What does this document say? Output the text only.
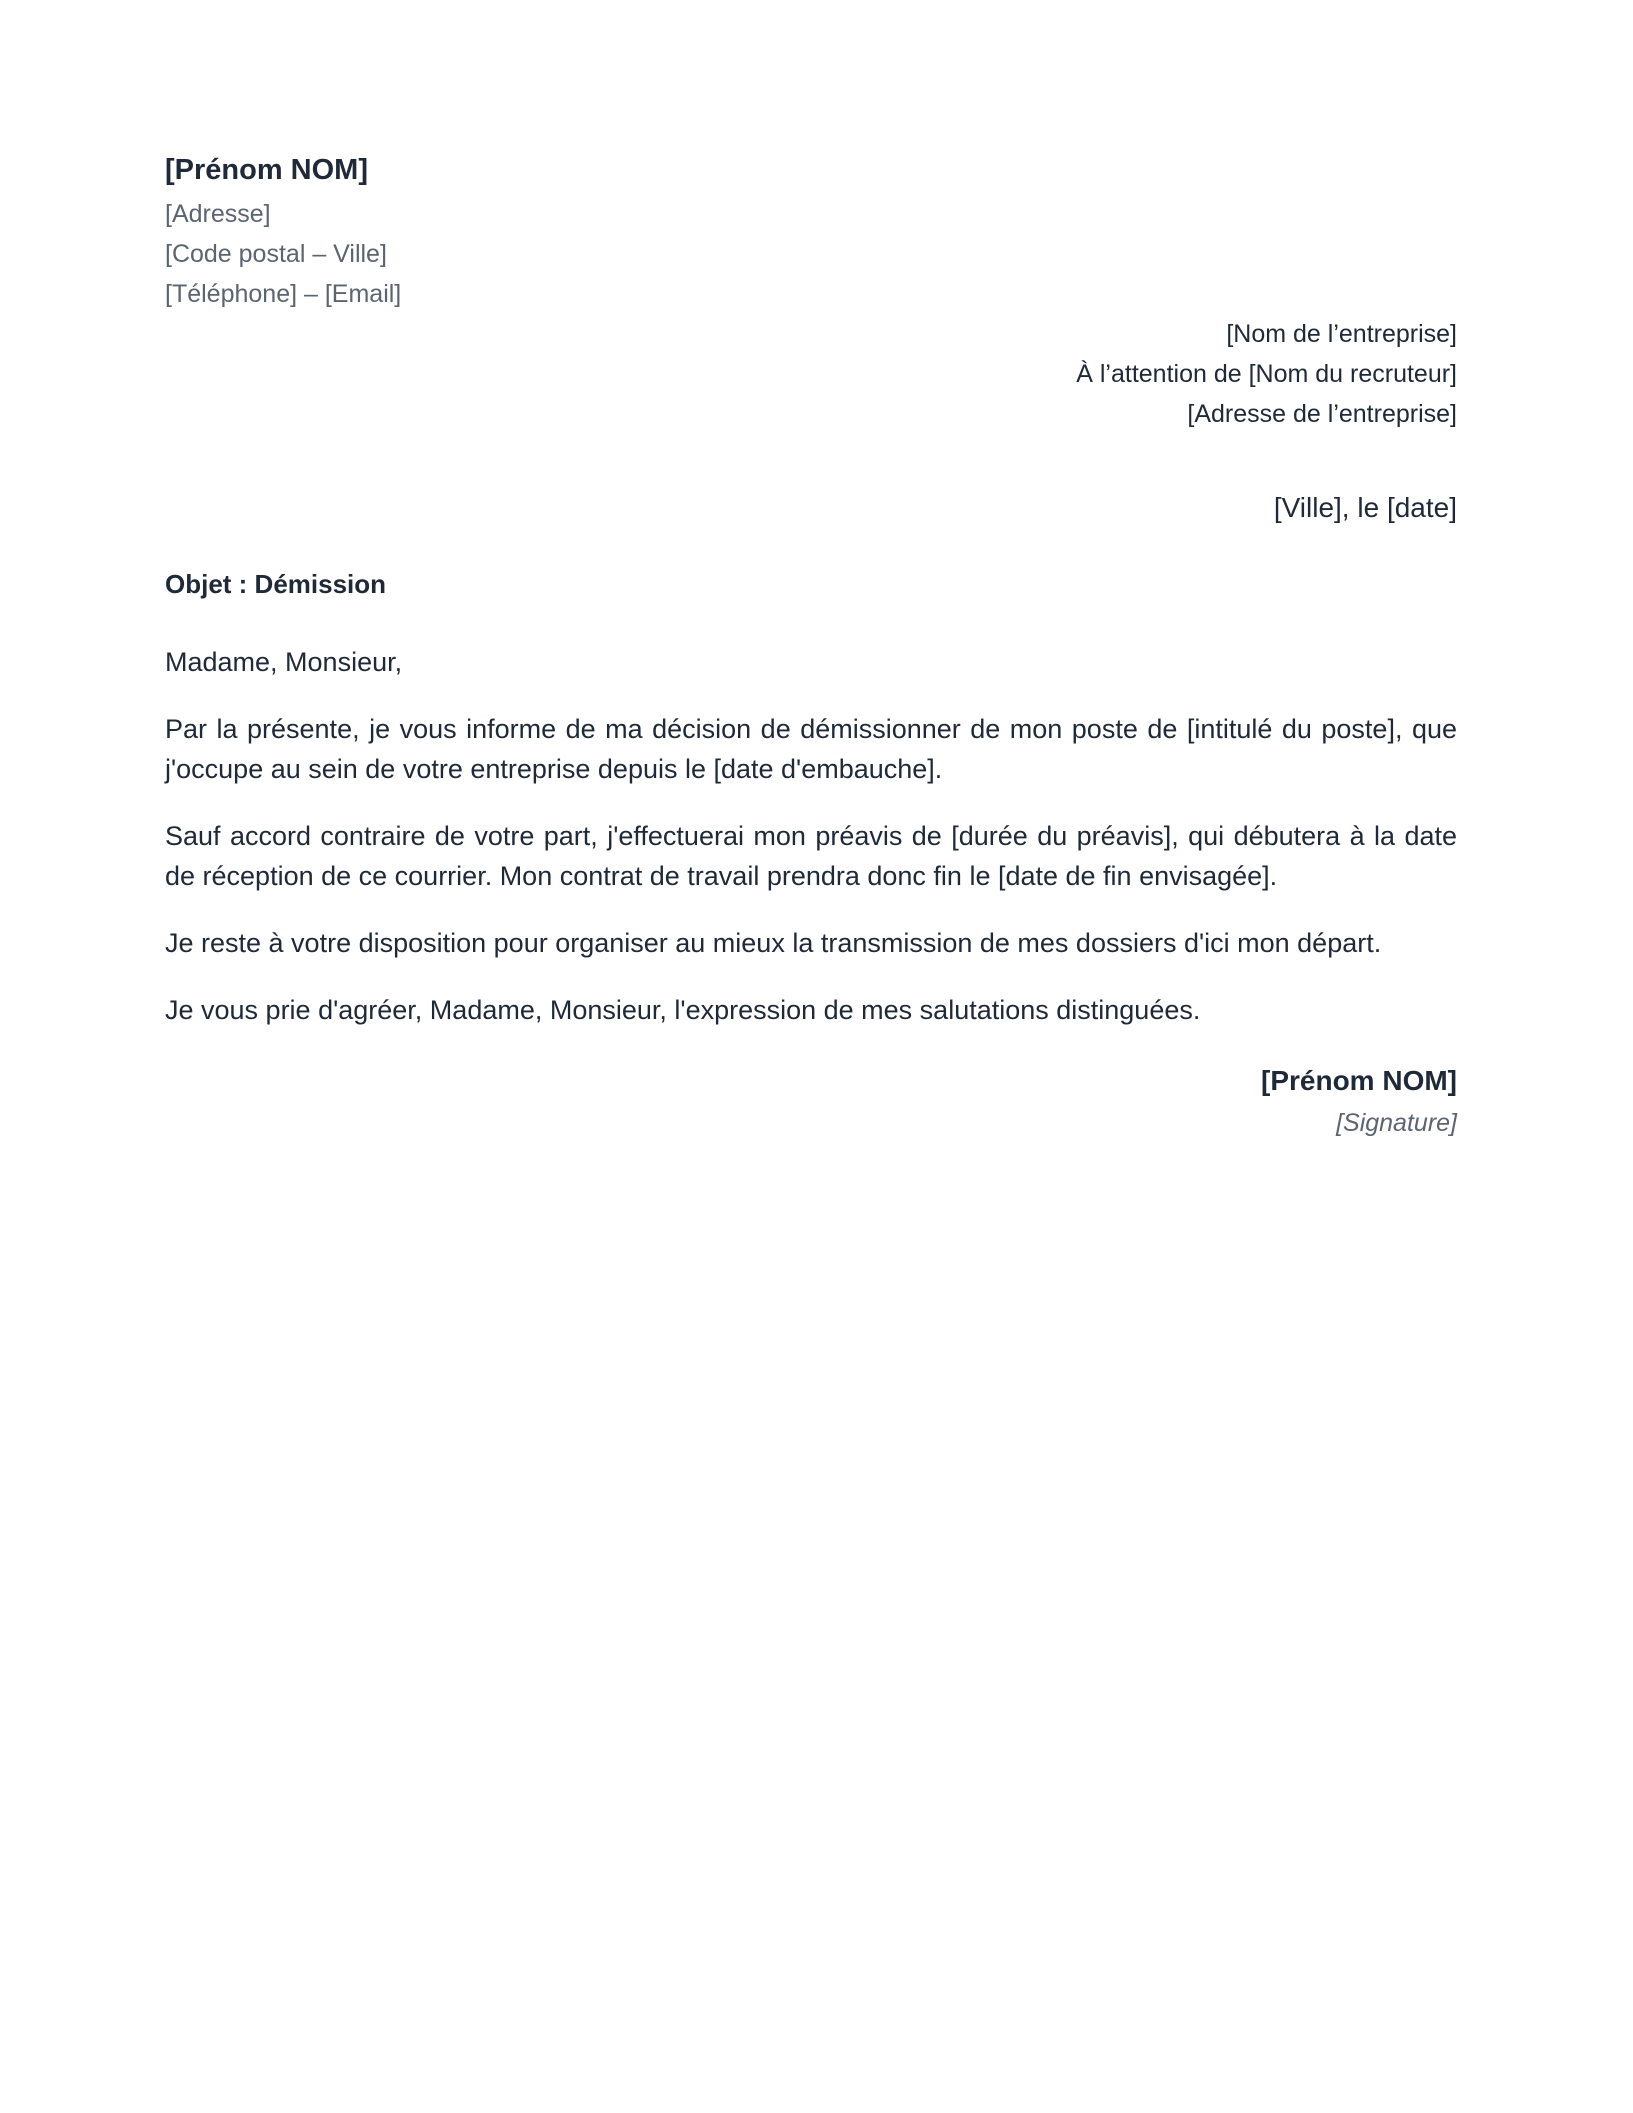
[Prénom NOM]
[Adresse]
[Code postal – Ville]
[Téléphone] – [Email]
[Nom de l’entreprise]
À l’attention de [Nom du recruteur]
[Adresse de l’entreprise]
[Ville], le [date]
Objet : Démission

Madame, Monsieur,

Par la présente, je vous informe de ma décision de démissionner de mon poste de [intitulé du poste], que j'occupe au sein de votre entreprise depuis le [date d'embauche].

Sauf accord contraire de votre part, j'effectuerai mon préavis de [durée du préavis], qui débutera à la date de réception de ce courrier. Mon contrat de travail prendra donc fin le [date de fin envisagée].

Je reste à votre disposition pour organiser au mieux la transmission de mes dossiers d'ici mon départ.

Je vous prie d'agréer, Madame, Monsieur, l'expression de mes salutations distinguées.

[Prénom NOM]
[Signature]
